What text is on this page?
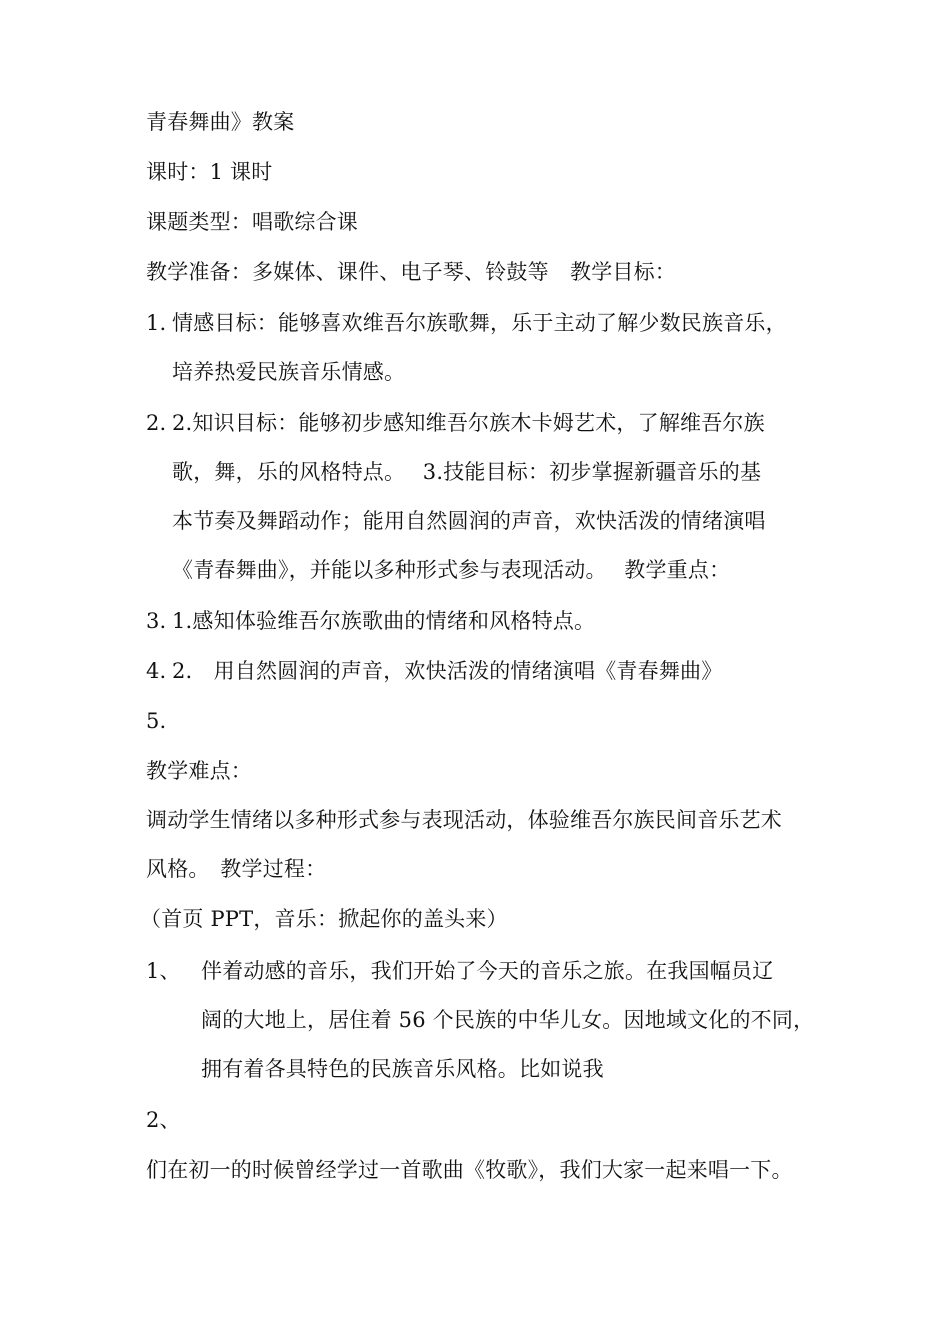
青春舞曲》教案
课时：1 课时
课题类型：唱歌综合课
教学准备：多媒体、课件、电子琴、铃鼓等　教学目标：
1. 情感目标：能够喜欢维吾尔族歌舞，乐于主动了解少数民族音乐，
培养热爱民族音乐情感。
2. 2.知识目标：能够初步感知维吾尔族木卡姆艺术，了解维吾尔族
歌，舞，乐的风格特点。　 3.技能目标：初步掌握新疆音乐的基
本节奏及舞蹈动作；能用自然圆润的声音，欢快活泼的情绪演唱
《青春舞曲》，并能以多种形式参与表现活动。　 教学重点：
3. 1.感知体验维吾尔族歌曲的情绪和风格特点。
4. 2.　用自然圆润的声音，欢快活泼的情绪演唱《青春舞曲》
5.
教学难点：
调动学生情绪以多种形式参与表现活动，体验维吾尔族民间音乐艺术
风格。　教学过程：
（首页 PPT，音乐：掀起你的盖头来）
1、 伴着动感的音乐，我们开始了今天的音乐之旅。在我国幅员辽
阔的大地上，居住着 56 个民族的中华儿女。因地域文化的不同，
拥有着各具特色的民族音乐风格。比如说我
2、
们在初一的时候曾经学过一首歌曲《牧歌》，我们大家一起来唱一下。
